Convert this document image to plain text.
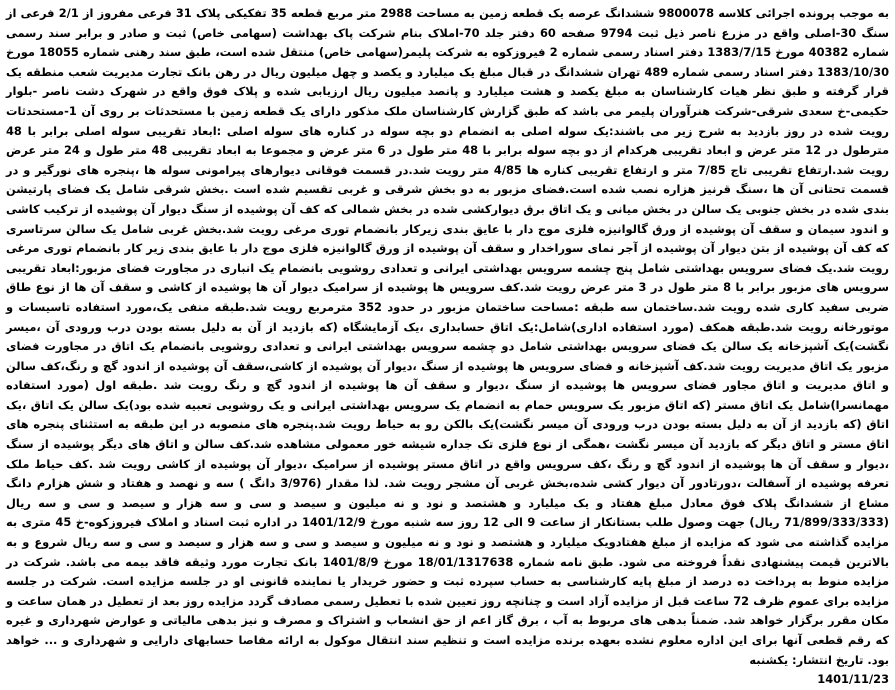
به موجب پرونده اجرائی کلاسه 9800078 ششدانگ عرصه یک قطعه زمین به مساحت 2988 متر مربع قطعه 35 تفکیکی پلاک 31 فرعی مفروز از 2/1 فرعی از سنگ 30-اصلی واقع در مزرع ناصر ذیل ثبت 9794 صفحه 60 دفتر جلد 70-املاک بنام شرکت پاک بهداشت (سهامی خاص) ثبت و صادر و برابر سند رسمی شماره 40382 مورخ 1383/7/15 دفتر اسناد رسمی شماره 2 فیروزکوه به شرکت پلیمر(سهامی خاص) منتقل شده است، طبق سند رهنی شماره 18055 مورخ 1383/10/30 دفتر اسناد رسمی شماره 489 تهران ششدانگ در قبال مبلغ یک میلیارد و یکصد و چهل میلیون ریال در رهن بانک تجارت مدیریت شعب منطقه یک قرار گرفته و طبق نظر هیات کارشناسان به مبلغ یکصد و هشت میلیارد و پانصد میلیون ریال ارزیابی شده و پلاک فوق واقع در شهرک دشت ناصر -بلوار حکیمی-خ سعدی شرقی-شرکت هنرآوران پلیمر می باشد که طبق گزارش کارشناسان ملک مذکور دارای یک قطعه زمین با مستحدثات بر روی آن 1-مستحدثات رویت شده در روز بازدید به شرح زیر می باشند:یک سوله اصلی به انضمام دو بچه سوله در کناره های سوله اصلی :ابعاد تقریبی سوله اصلی برابر با 48 مترطول در 12 متر عرض و ابعاد تقریبی هرکدام از دو بچه سوله برابر با 48 متر طول در 6 متر عرض و مجموعا به ابعاد تقریبی 48 متر طول و 24 متر عرض رویت شد.ارتفاع تقریبی تاج 7/85 متر و ارتفاع تقریبی کناره ها 4/85 متر رویت شد.در قسمت فوقانی دیوارهای پیرامونی سوله ها ،پنجره های نورگیر و در قسمت تحتانی آن ها ،سنگ قرنیز هزاره نصب شده است.فضای مزبور به دو بخش شرقی و غربی تقسیم شده است .بخش شرقی شامل یک فضای پارتیشن بندی شده در بخش جنوبی یک سالن در بخش میانی و یک اتاق برق دیوارکشی شده در بخش شمالی که کف آن پوشیده از سنگ دیوار آن پوشیده از ترکیب کاشی و اندود سیمان و سقف آن پوشیده از ورق گالوانیزه فلزی موج دار با عایق بندی زیرکار بانضمام توری مرغی رویت شد.بخش غربی شامل یک سالن سرتاسری که کف آن پوشیده از بتن دیوار آن پوشیده از آجر نمای سوراخدار و سقف آن پوشیده از ورق گالوانیزه فلزی موج دار با عایق بندی زیر کار بانضمام توری مرغی رویت شد.یک فضای سرویس بهداشتی شامل پنج چشمه سرویس بهداشتی ایرانی و تعدادی روشویی بانضمام یک انباری در مجاورت فضای مزبور:ابعاد تقریبی سرویس های مزبور برابر با 8 متر طول در 3 متر عرض رویت شد.کف سرویس ها پوشیده از سرامیک دیوار آن ها پوشیده از کاشی و سقف آن ها از نوع طاق ضربی سفید کاری شده رویت شد.ساختمان سه طبقه :مساحت ساختمان مزبور در حدود 352 مترمربع رویت شد.طبقه منفی یک،مورد استفاده تاسیسات و موتورخانه رویت شد.طبقه همکف (مورد استفاده اداری)شامل:یک اتاق حسابداری ،یک آزمایشگاه (که بازدید از آن به دلیل بسته بودن درب ورودی آن ،میسر نگشت)یک آشپزخانه یک سالن یک فضای سرویس بهداشتی شامل دو چشمه سرویس بهداشتی ایرانی و تعدادی روشویی بانضمام یک اتاق در مجاورت فضای مزبور یک اتاق مدیریت رویت شد.کف آشپزخانه و فضای سرویس ها پوشیده از سنگ ،دیوار آن پوشیده از کاشی،سقف آن پوشیده از اندود گچ و رنگ،کف سالن و اتاق مدیریت و اتاق مجاور فضای سرویس ها پوشیده از سنگ ،دیوار و سقف آن ها پوشیده از اندود گچ و رنگ رویت شد .طبقه اول (مورد استفاده مهمانسرا)شامل یک اتاق مستر (که اتاق مزبور یک سرویس حمام به انضمام یک سرویس بهداشتی ایرانی و یک روشویی تعبیه شده بود)یک سالن یک اتاق ،یک اتاق (که بازدید از آن به دلیل بسته بودن درب ورودی آن میسر نگشت)یک بالکن رو به حیاط رویت شد.پنجره های منصوبه در این طبقه به استثنای پنجره های اتاق مستر و اتاق دیگر که بازدید آن میسر نگشت ،همگی از نوع فلزی تک جداره شیشه خور معمولی مشاهده شد.کف سالن و اتاق های دیگر پوشیده از سنگ ،دیوار و سقف آن ها پوشیده از اندود گچ و رنگ ،کف سرویس واقع در اتاق مستر پوشیده از سرامیک ،دیوار آن پوشیده از کاشی رویت شد .کف حیاط ملک تعرفه پوشیده از آسفالت ،دورتادور آن دیوار کشی شده،بخش غربی آن مشجر رویت شد. لذا مقدار (3/976 دانگ ) سه و نهصد و هفتاد و شش هزارم دانگ مشاع از ششدانگ پلاک فوق معادل مبلغ هفتاد و یک میلیارد و هشتصد و نود و نه میلیون و سیصد و سی و سه هزار و سیصد و سی و سه ریال (71/899/333/333 ریال) جهت وصول طلب بستانکار از ساعت 9 الی 12 روز سه شنبه مورخ 1401/12/9 در اداره ثبت اسناد و املاک فیروزکوه-خ 45 متری به مزایده گذاشته می شود که مزایده از مبلغ هفتادویک میلیارد و هشتصد و نود و نه میلیون و سیصد و سی و سه هزار و سیصد و سی و سه ریال شروع و به بالاترین قیمت پیشنهادی نقداً فروخته می شود. طبق نامه شماره 18/01/1317638 مورخ 1401/8/9 بانک تجارت مورد وثیقه فاقد بیمه می باشد. شرکت در مزایده منوط به پرداخت ده درصد از مبلغ پایه کارشناسی به حساب سپرده ثبت و حضور خریدار یا نماینده قانونی او در جلسه مزایده است. شرکت در جلسه مزایده برای عموم ظرف 72 ساعت قبل از مزایده آزاد است و چنانچه روز تعیین شده با تعطیل رسمی مصادف گردد مزایده روز بعد از تعطیل در همان ساعت و مکان مقرر برگزار خواهد شد. ضمناً بدهی های مربوط به آب ، برق گاز اعم از حق انشعاب و اشتراک و مصرف و نیز بدهی مالیاتی و عوارض شهرداری و غیره که رقم قطعی آنها برای این اداره معلوم نشده بعهده برنده مزایده است و تنظیم سند انتقال موکول به ارائه مفاصا حسابهای دارایی و شهرداری و ... خواهد بود. تاریخ انتشار: یکشنبه

1401/11/23
